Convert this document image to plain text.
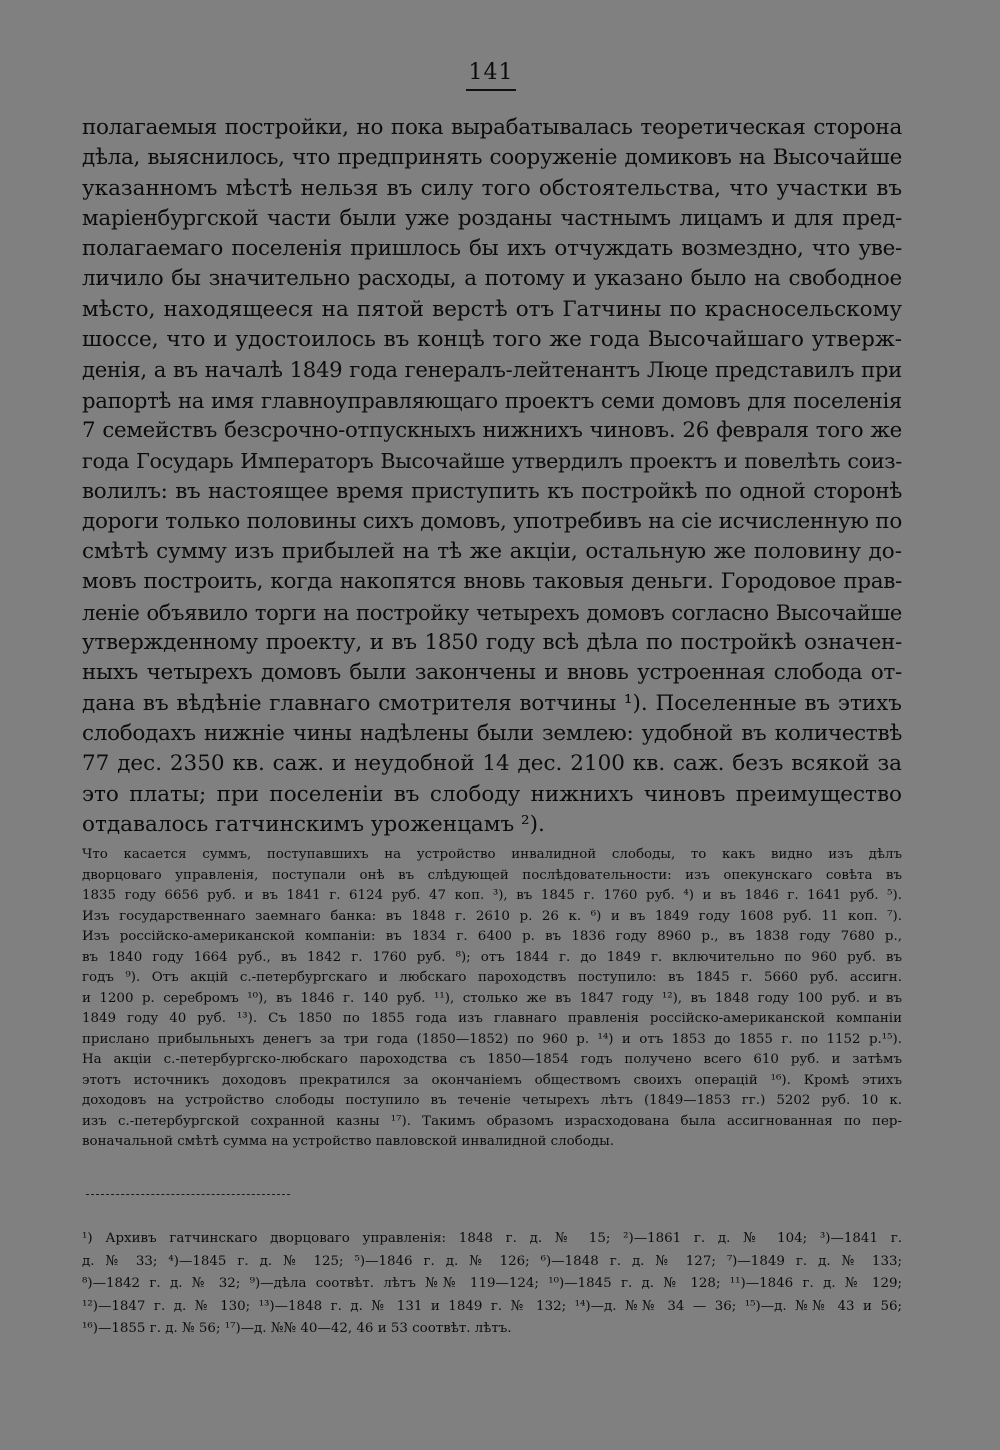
141
полагаемыя постройки, но пока вырабатывалась теоретическая сторона
дѣла, выяснилось, что предпринять сооруженіе домиковъ на Высочайше
указанномъ мѣстѣ нельзя въ силу того обстоятельства, что участки въ
маріенбургской части были уже розданы частнымъ лицамъ и для пред-
полагаемаго поселенія пришлось бы ихъ отчуждать возмездно, что уве-
личило бы значительно расходы, а потому и указано было на свободное
мѣсто, находящееся на пятой верстѣ отъ Гатчины по красносельскому
шоссе, что и удостоилось въ концѣ того же года Высочайшаго утверж-
денія, а въ началѣ 1849 года генералъ-лейтенантъ Люце представилъ при
рапортѣ на имя главноуправляющаго проектъ семи домовъ для поселенія
7 семействъ безсрочно-отпускныхъ нижнихъ чиновъ. 26 февраля того же
года Государь Императоръ Высочайше утвердилъ проектъ и повелѣть соиз-
волилъ: въ настоящее время приступить къ постройкѣ по одной сторонѣ
дороги только половины сихъ домовъ, употребивъ на сіе исчисленную по
смѣтѣ сумму изъ прибылей на тѣ же акціи, остальную же половину до-
мовъ построить, когда накопятся вновь таковыя деньги. Городовое прав-
леніе объявило торги на постройку четырехъ домовъ согласно Высочайше
утвержденному проекту, и въ 1850 году всѣ дѣла по постройкѣ означен-
ныхъ четырехъ домовъ были закончены и вновь устроенная слобода от-
дана въ вѣдѣніе главнаго смотрителя вотчины ¹). Поселенные въ этихъ
слободахъ нижніе чины надѣлены были землею: удобной въ количествѣ
77 дес. 2350 кв. саж. и неудобной 14 дес. 2100 кв. саж. безъ всякой за
это платы; при поселеніи въ слободу нижнихъ чиновъ преимущество
отдавалось гатчинскимъ уроженцамъ ²).
Что касается суммъ, поступавшихъ на устройство инвалидной слободы, то какъ видно изъ дѣлъ
дворцоваго управленія, поступали онѣ въ слѣдующей послѣдовательности: изъ опекунскаго совѣта въ
1835 году 6656 руб. и въ 1841 г. 6124 руб. 47 коп. ³), въ 1845 г. 1760 руб. ⁴) и въ 1846 г. 1641 руб. ⁵).
Изъ государственнаго заемнаго банка: въ 1848 г. 2610 р. 26 к. ⁶) и въ 1849 году 1608 руб. 11 коп. ⁷).
Изъ россійско-американской компаніи: въ 1834 г. 6400 р. въ 1836 году 8960 р., въ 1838 году 7680 р.,
въ 1840 году 1664 руб., въ 1842 г. 1760 руб. ⁸); отъ 1844 г. до 1849 г. включительно по 960 руб. въ
годъ ⁹). Отъ акцій с.-петербургскаго и любскаго пароходствъ поступило: въ 1845 г. 5660 руб. ассигн.
и 1200 р. серебромъ ¹⁰), въ 1846 г. 140 руб. ¹¹), столько же въ 1847 году ¹²), въ 1848 году 100 руб. и въ
1849 году 40 руб. ¹³). Съ 1850 по 1855 года изъ главнаго правленія россійско-американской компаніи
прислано прибыльныхъ денегъ за три года (1850—1852) по 960 р. ¹⁴) и отъ 1853 до 1855 г. по 1152 р.¹⁵).
На акціи с.-петербургско-любскаго пароходства съ 1850—1854 годъ получено всего 610 руб. и затѣмъ
этотъ источникъ доходовъ прекратился за окончаніемъ обществомъ своихъ операцій ¹⁶). Кромѣ этихъ
доходовъ на устройство слободы поступило въ теченіе четырехъ лѣтъ (1849—1853 гг.) 5202 руб. 10 к.
изъ с.-петербургской сохранной казны ¹⁷). Такимъ образомъ израсходована была ассигнованная по пер-
воначальной смѣтѣ сумма на устройство павловской инвалидной слободы.
¹) Архивъ гатчинскаго дворцоваго управленія: 1848 г. д. № 15; ²)—1861 г. д. № 104; ³)—1841 г.
д. № 33; ⁴)—1845 г. д. № 125; ⁵)—1846 г. д. № 126; ⁶)—1848 г. д. № 127; ⁷)—1849 г. д. № 133;
⁸)—1842 г. д. № 32; ⁹)—дѣла соотвѣт. лѣтъ №№ 119—124; ¹⁰)—1845 г. д. № 128; ¹¹)—1846 г. д. № 129;
¹²)—1847 г. д. № 130; ¹³)—1848 г. д. № 131 и 1849 г. № 132; ¹⁴)—д. №№ 34 — 36; ¹⁵)—д. №№ 43 и 56;
¹⁶)—1855 г. д. № 56; ¹⁷)—д. №№ 40—42, 46 и 53 соотвѣт. лѣтъ.
